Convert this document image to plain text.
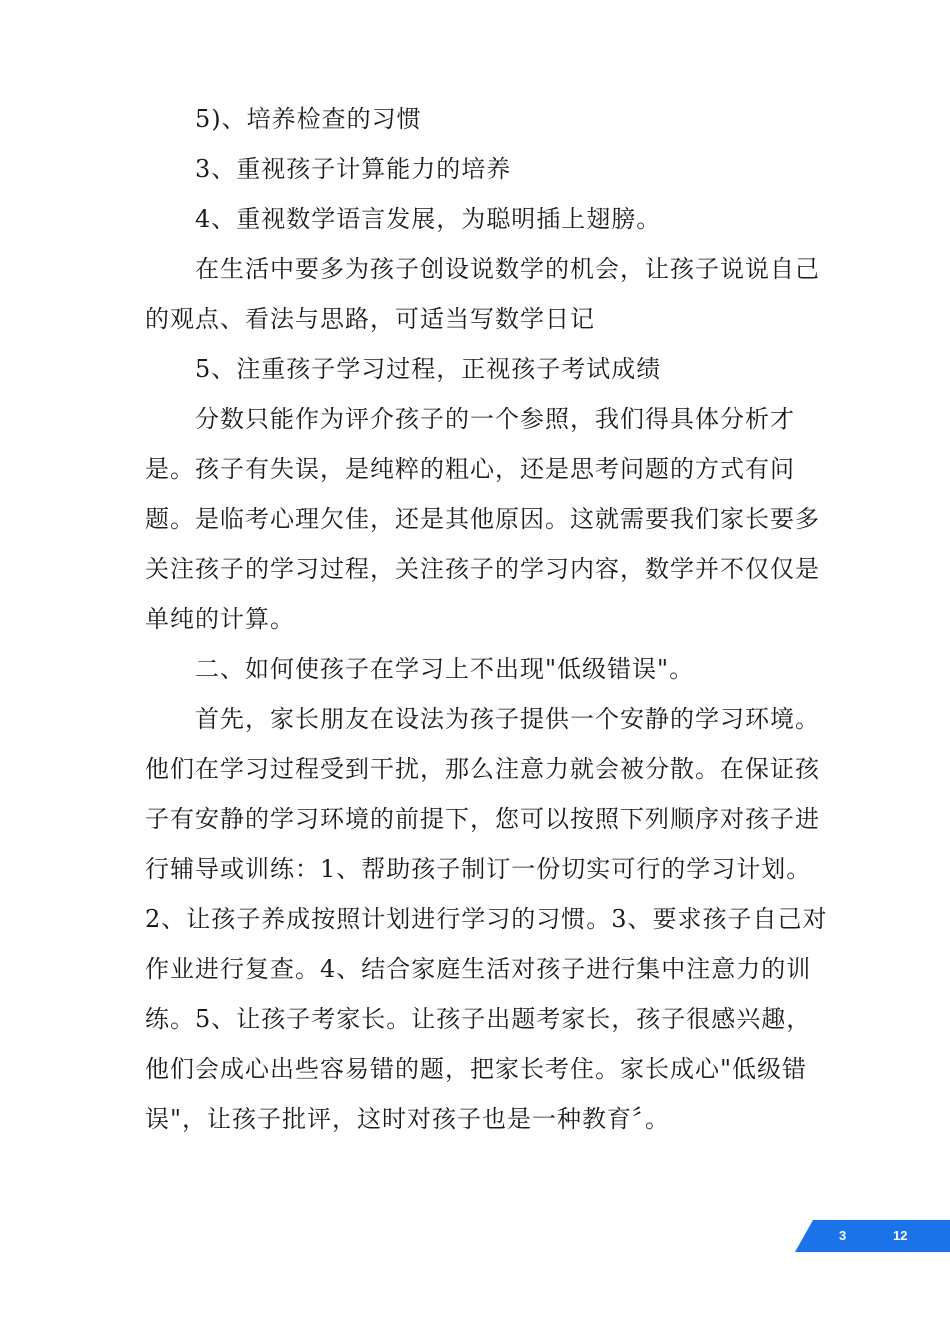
5)、培养检查的习惯

3、重视孩子计算能力的培养

4、重视数学语言发展，为聪明插上翅膀。

在生活中要多为孩子创设说数学的机会，让孩子说说自己的观点、看法与思路，可适当写数学日记

5、注重孩子学习过程，正视孩子考试成绩

分数只能作为评介孩子的一个参照，我们得具体分析才是。孩子有失误，是纯粹的粗心，还是思考问题的方式有问题。是临考心理欠佳，还是其他原因。这就需要我们家长要多关注孩子的学习过程，关注孩子的学习内容，数学并不仅仅是单纯的计算。

二、如何使孩子在学习上不出现"低级错误"。

首先，家长朋友在设法为孩子提供一个安静的学习环境。他们在学习过程受到干扰，那么注意力就会被分散。在保证孩子有安静的学习环境的前提下，您可以按照下列顺序对孩子进行辅导或训练：1、帮助孩子制订一份切实可行的学习计划。2、让孩子养成按照计划进行学习的习惯。3、要求孩子自己对作业进行复查。4、结合家庭生活对孩子进行集中注意力的训练。5、让孩子考家长。让孩子出题考家长，孩子很感兴趣，他们会成心出些容易错的题，把家长考住。家长成心"低级错误"，让孩子批评，这时对孩子也是一种教育〞。

3	12
